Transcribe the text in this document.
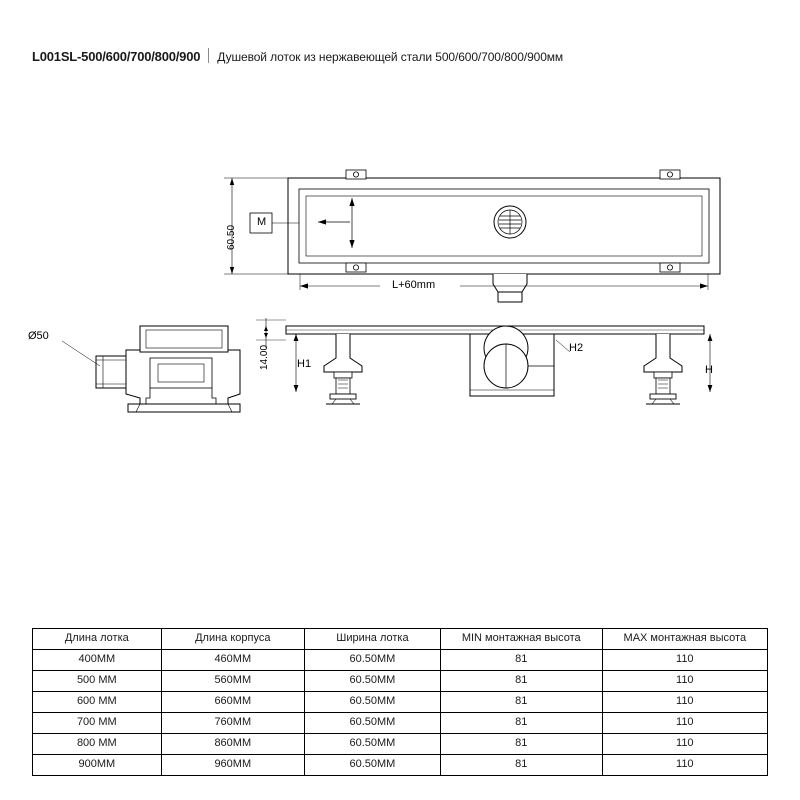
L001SL-500/600/700/800/900 Душевой лоток из нержавеющей стали 500/600/700/800/900мм
60.50
M
L+60mm
Ø50
14.00 H1
H2
H
Длина лотка	Длина корпуса	Ширина лотка	MIN монтажная высота	MAX монтажная высота
400ММ	460ММ	60.50ММ	81	110
500 ММ	560ММ	60.50ММ	81	110
600 ММ	660ММ	60.50ММ	81	110
700 ММ	760ММ	60.50ММ	81	110
800 ММ	860ММ	60.50ММ	81	110
900ММ	960ММ	60.50ММ	81	110
